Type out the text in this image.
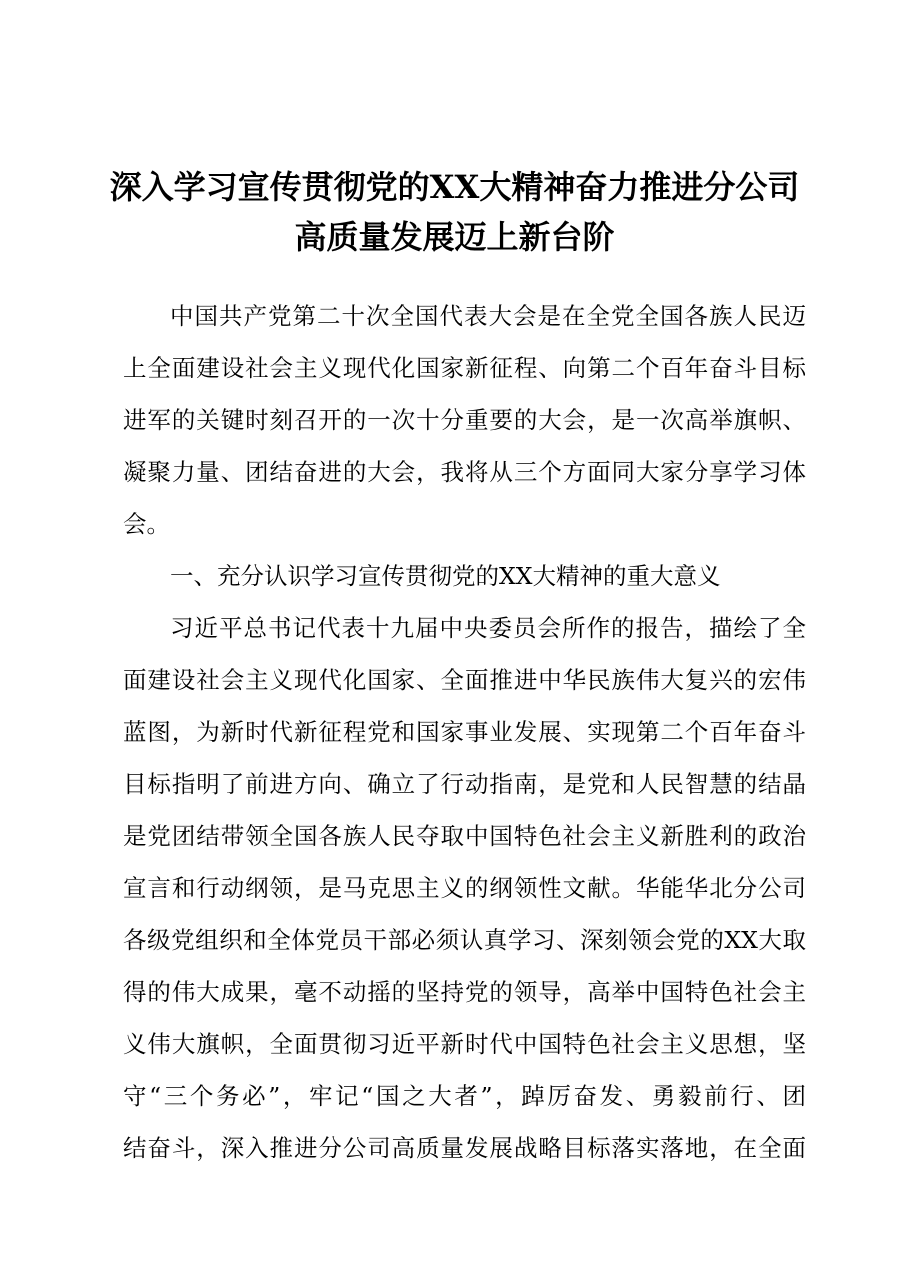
深入学习宣传贯彻党的XX大精神奋力推进分公司
高质量发展迈上新台阶
中国共产党第二十次全国代表大会是在全党全国各族人民迈
上全面建设社会主义现代化国家新征程、向第二个百年奋斗目标
进军的关键时刻召开的一次十分重要的大会，是一次高举旗帜、
凝聚力量、团结奋进的大会，我将从三个方面同大家分享学习体
会。
一、充分认识学习宣传贯彻党的XX大精神的重大意义
习近平总书记代表十九届中央委员会所作的报告，描绘了全
面建设社会主义现代化国家、全面推进中华民族伟大复兴的宏伟
蓝图，为新时代新征程党和国家事业发展、实现第二个百年奋斗
目标指明了前进方向、确立了行动指南，是党和人民智慧的结晶
是党团结带领全国各族人民夺取中国特色社会主义新胜利的政治
宣言和行动纲领，是马克思主义的纲领性文献。华能华北分公司
各级党组织和全体党员干部必须认真学习、深刻领会党的XX大取
得的伟大成果，毫不动摇的坚持党的领导，高举中国特色社会主
义伟大旗帜，全面贯彻习近平新时代中国特色社会主义思想，坚
守“三个务必”，牢记“国之大者”，踔厉奋发、勇毅前行、团
结奋斗，深入推进分公司高质量发展战略目标落实落地，在全面
